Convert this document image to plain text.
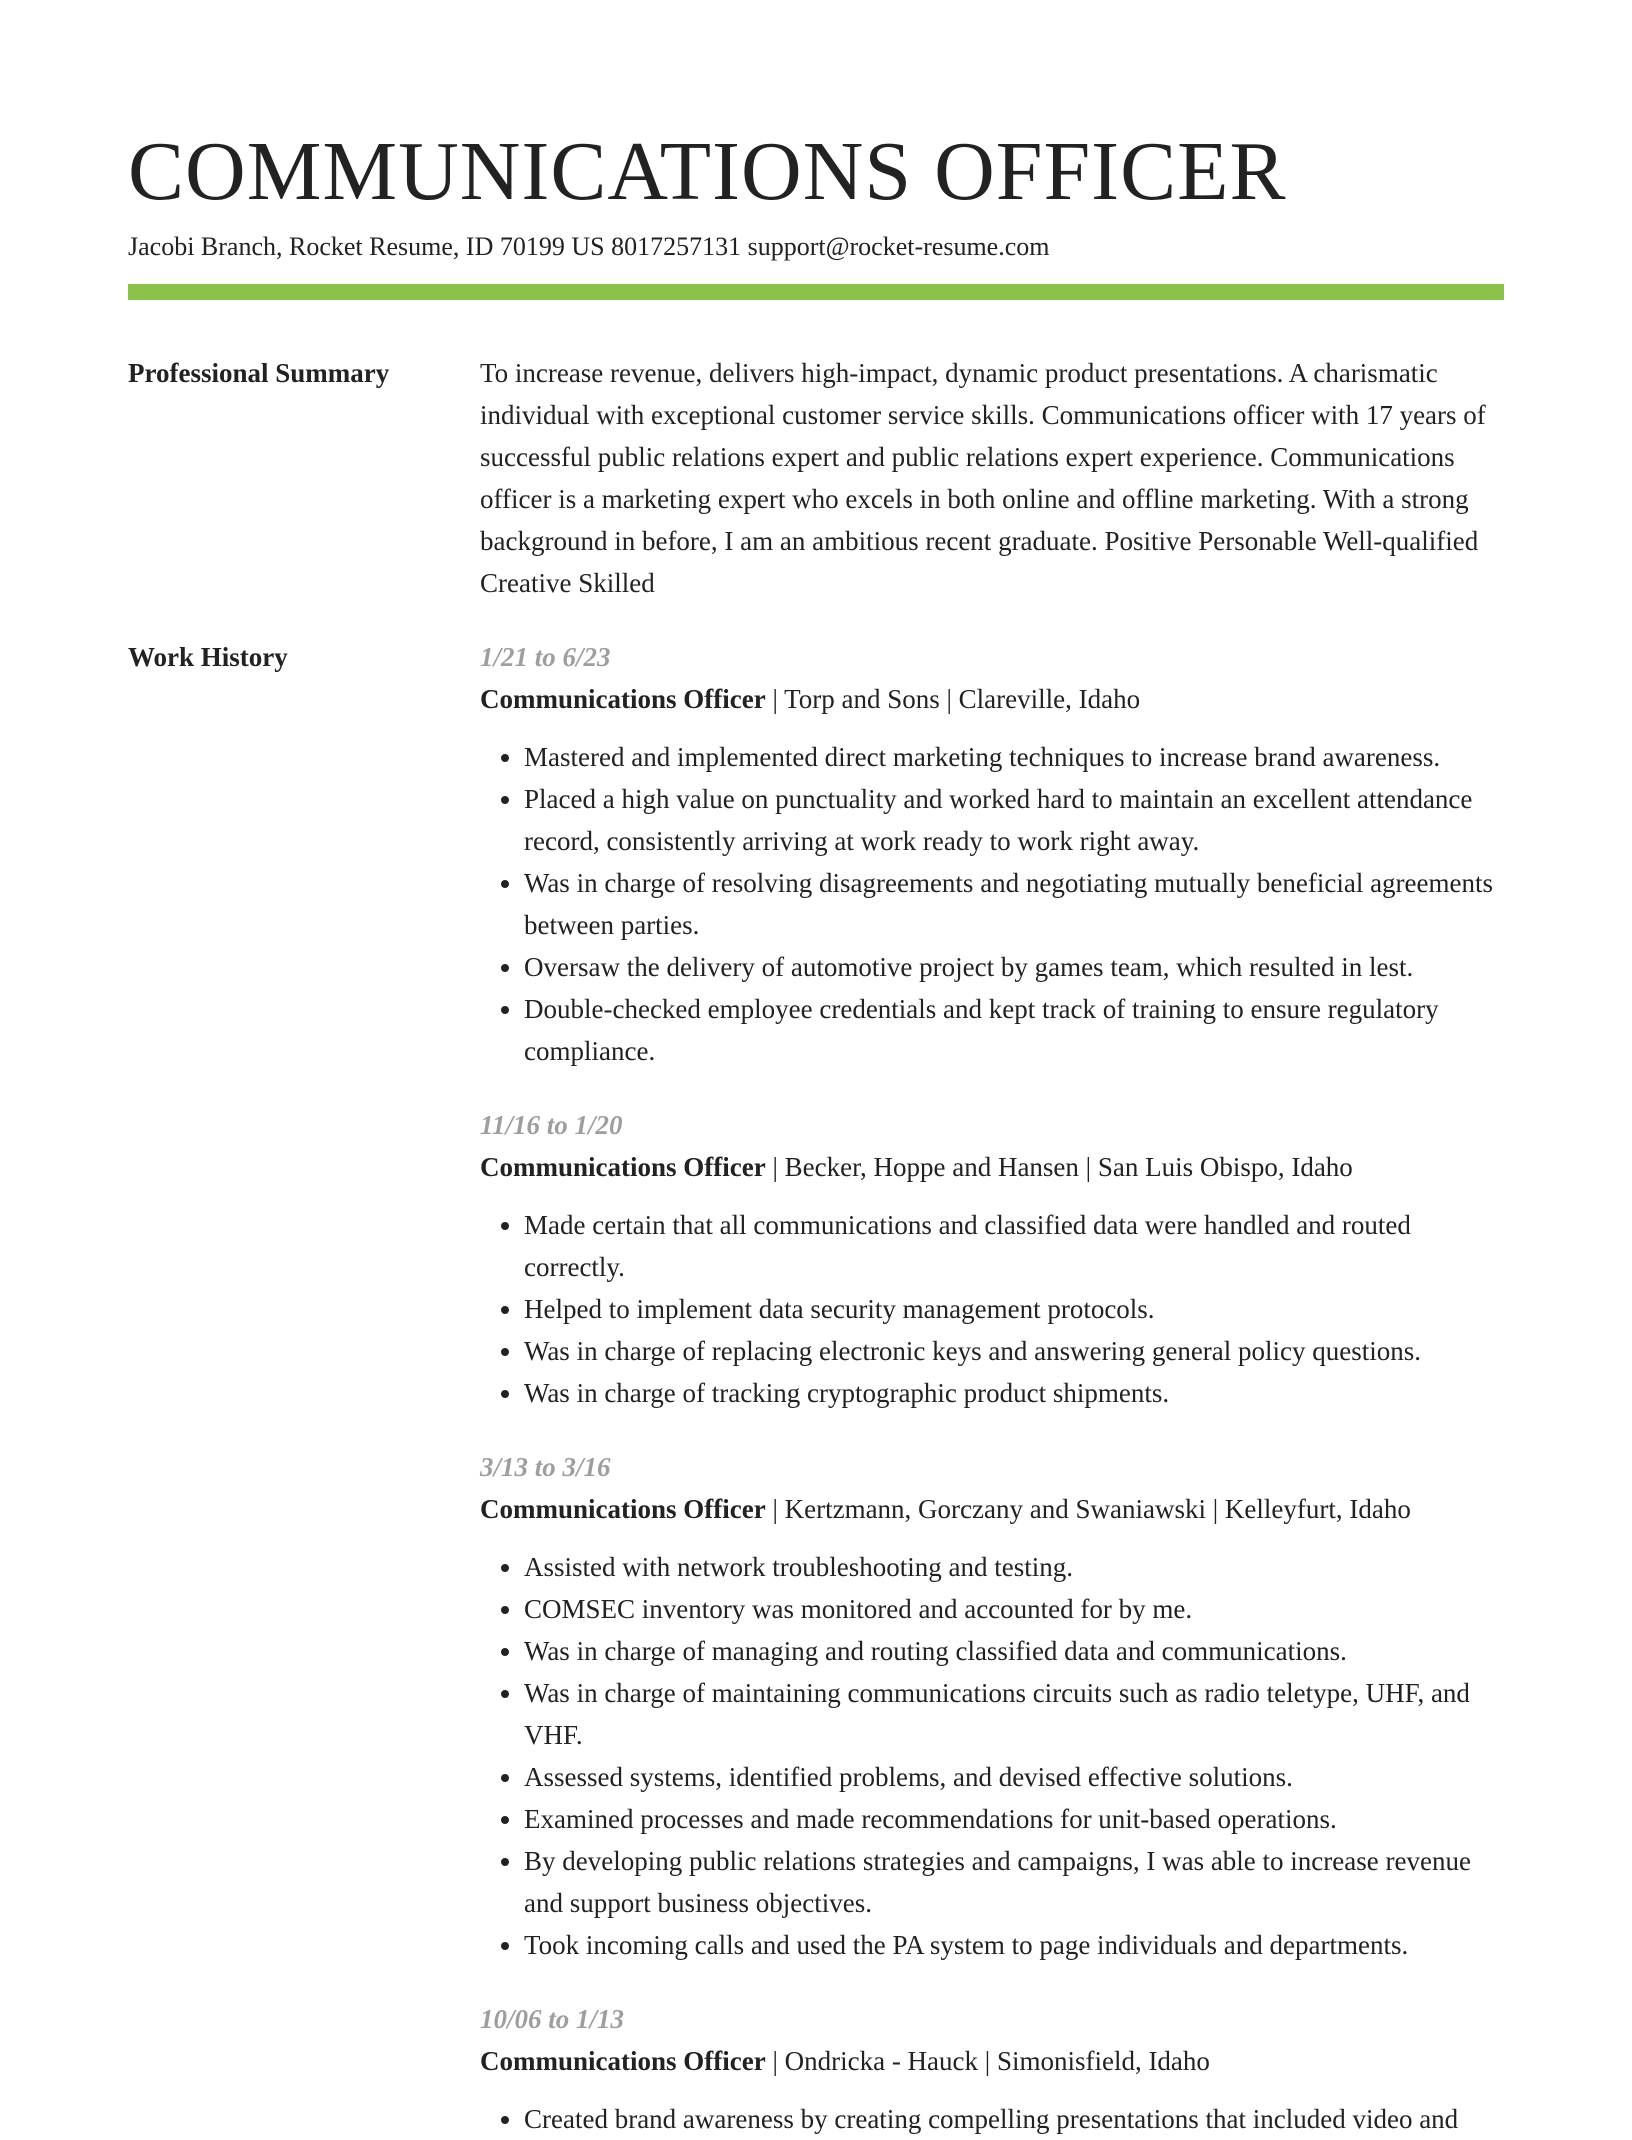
COMMUNICATIONS OFFICER
Jacobi Branch, Rocket Resume, ID 70199 US 8017257131 support@rocket-resume.com
Professional Summary	To increase revenue, delivers high-impact, dynamic product presentations. A charismatic individual with exceptional customer service skills. Communications officer with 17 years of successful public relations expert and public relations expert experience. Communications officer is a marketing expert who excels in both online and offline marketing. With a strong background in before, I am an ambitious recent graduate. Positive Personable Well-qualified Creative Skilled

Work History	1/21 to 6/23
Communications Officer | Torp and Sons | Clareville, Idaho
• Mastered and implemented direct marketing techniques to increase brand awareness.
• Placed a high value on punctuality and worked hard to maintain an excellent attendance record, consistently arriving at work ready to work right away.
• Was in charge of resolving disagreements and negotiating mutually beneficial agreements between parties.
• Oversaw the delivery of automotive project by games team, which resulted in lest.
• Double-checked employee credentials and kept track of training to ensure regulatory compliance.
11/16 to 1/20
Communications Officer | Becker, Hoppe and Hansen | San Luis Obispo, Idaho
• Made certain that all communications and classified data were handled and routed correctly.
• Helped to implement data security management protocols.
• Was in charge of replacing electronic keys and answering general policy questions.
• Was in charge of tracking cryptographic product shipments.
3/13 to 3/16
Communications Officer | Kertzmann, Gorczany and Swaniawski | Kelleyfurt, Idaho
• Assisted with network troubleshooting and testing.
• COMSEC inventory was monitored and accounted for by me.
• Was in charge of managing and routing classified data and communications.
• Was in charge of maintaining communications circuits such as radio teletype, UHF, and VHF.
• Assessed systems, identified problems, and devised effective solutions.
• Examined processes and made recommendations for unit-based operations.
• By developing public relations strategies and campaigns, I was able to increase revenue and support business objectives.
• Took incoming calls and used the PA system to page individuals and departments.
10/06 to 1/13
Communications Officer | Ondricka - Hauck | Simonisfield, Idaho
• Created brand awareness by creating compelling presentations that included video and
